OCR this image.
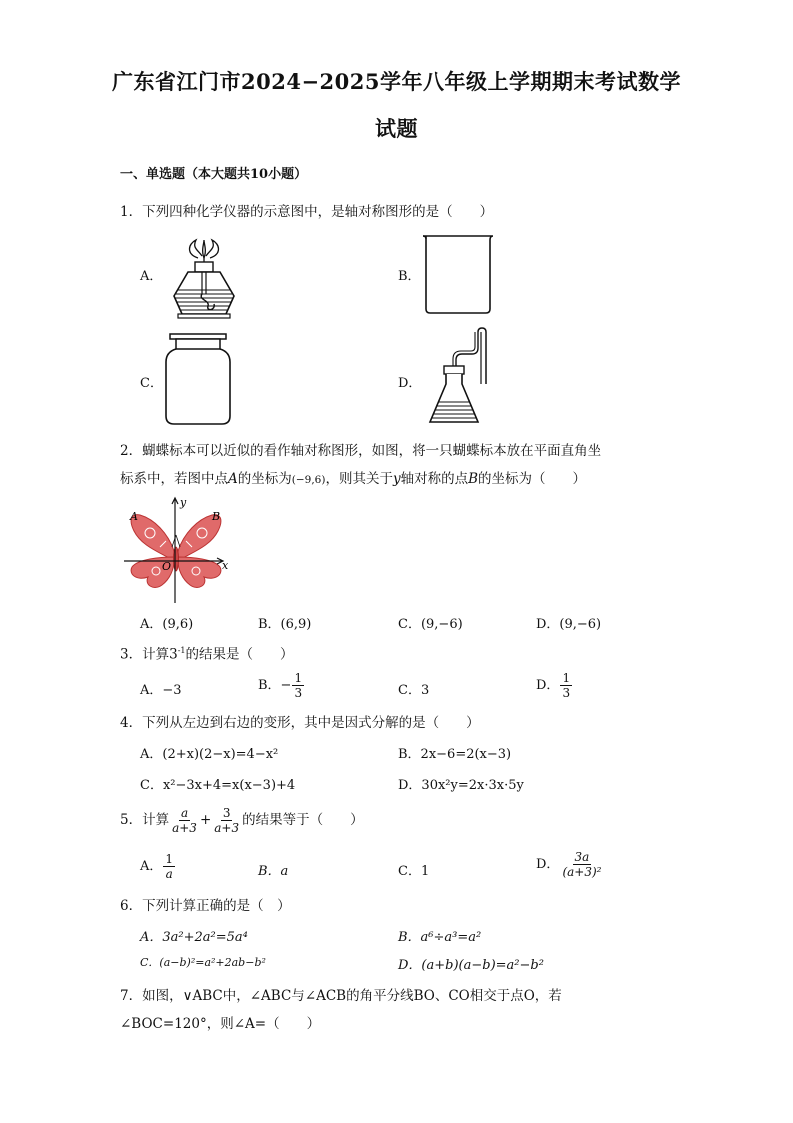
广东省江门市2024−2025学年八年级上学期期末考试数学
试题
一、单选题（本大题共10小题）
1．下列四种化学仪器的示意图中，是轴对称图形的是（　　）
A．	B．
C．	D．
2．蝴蝶标本可以近似的看作轴对称图形，如图，将一只蝴蝶标本放在平面直角坐
标系中，若图中点A的坐标为(−9,6)，则其关于y轴对称的点B的坐标为（　　）
y
x
O
A	B
A．(9,6)	B．(6,9)	C．(9,−6)	D．(9,−6)
3．计算$3^{-1}$的结果是（　　）
A．−3	B．− $\frac{1}{3}$	C．3	D． $\frac{1}{3}$
4．下列从左边到右边的变形，其中是因式分解的是（　　）
A．(2+x)(2−x)=4−x²	B．2x−6=2(x−3)
C．x²−3x+4=x(x−3)+4	D．30x²y=2x·3x·5y
5．计算 $\frac{a}{a+3} + \frac{3}{a+3}$ 的结果等于（　　）
A． $\frac{1}{a}$	B．a	C．1	D． $\frac{3a}{\text{(a+3)²}}$
6．下列计算正确的是（　）
A．3a²+2a²=5a⁴	B．a⁶÷a³=a²
C．(a−b)²=a²+2ab−b²	D．(a+b)(a−b)=a²−b²
7．如图，∨ABC中，∠ABC与∠ACB的角平分线BO、CO相交于点O，若
∠BOC=120°，则∠A=（　　）
